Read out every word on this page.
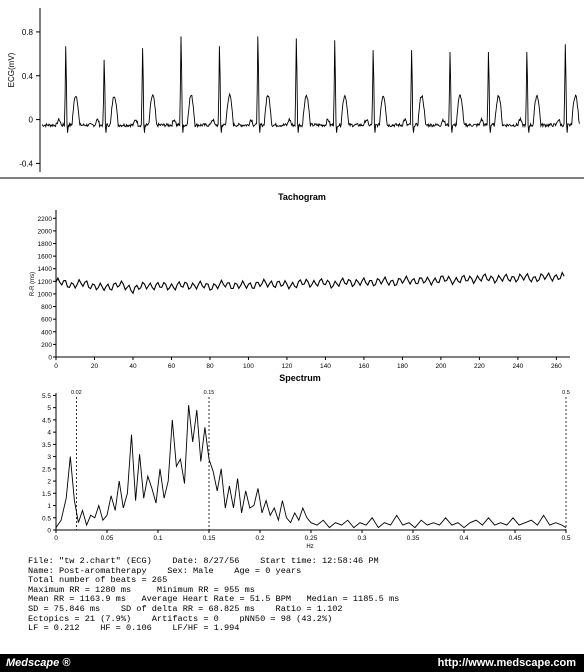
0.8
0.4
0
-0.4
ECG(mV)
Tachogram
0
200
400
600
800
1000
1200
1400
1600
1800
2000
2200
0	20	40	60	80	100	120	140	160	180	200	220	240	260
R-R (ms)
Spectrum
0
0.5
1
1.5
2
2.5
3
3.5
4
4.5
5
5.5
0	0.05	0.1	0.15	0.2	0.25	0.3	0.35	0.4	0.45	0.5
0.02	0.15	0.5
Hz
File: "tw 2.chart" (ECG)    Date: 8/27/56    Start time: 12:58:46 PM
Name: Post-aromatherapy    Sex: Male    Age = 0 years
Total number of beats = 265
Maximum RR = 1280 ms     Minimum RR = 955 ms
Mean RR = 1163.9 ms   Average Heart Rate = 51.5 BPM   Median = 1185.5 ms
SD = 75.846 ms    SD of delta RR = 68.825 ms    Ratio = 1.102
Ectopics = 21 (7.9%)    Artifacts = 0    pNN50 = 98 (43.2%)
LF = 0.212    HF = 0.106    LF/HF = 1.994
Medscape ®	http://www.medscape.com
